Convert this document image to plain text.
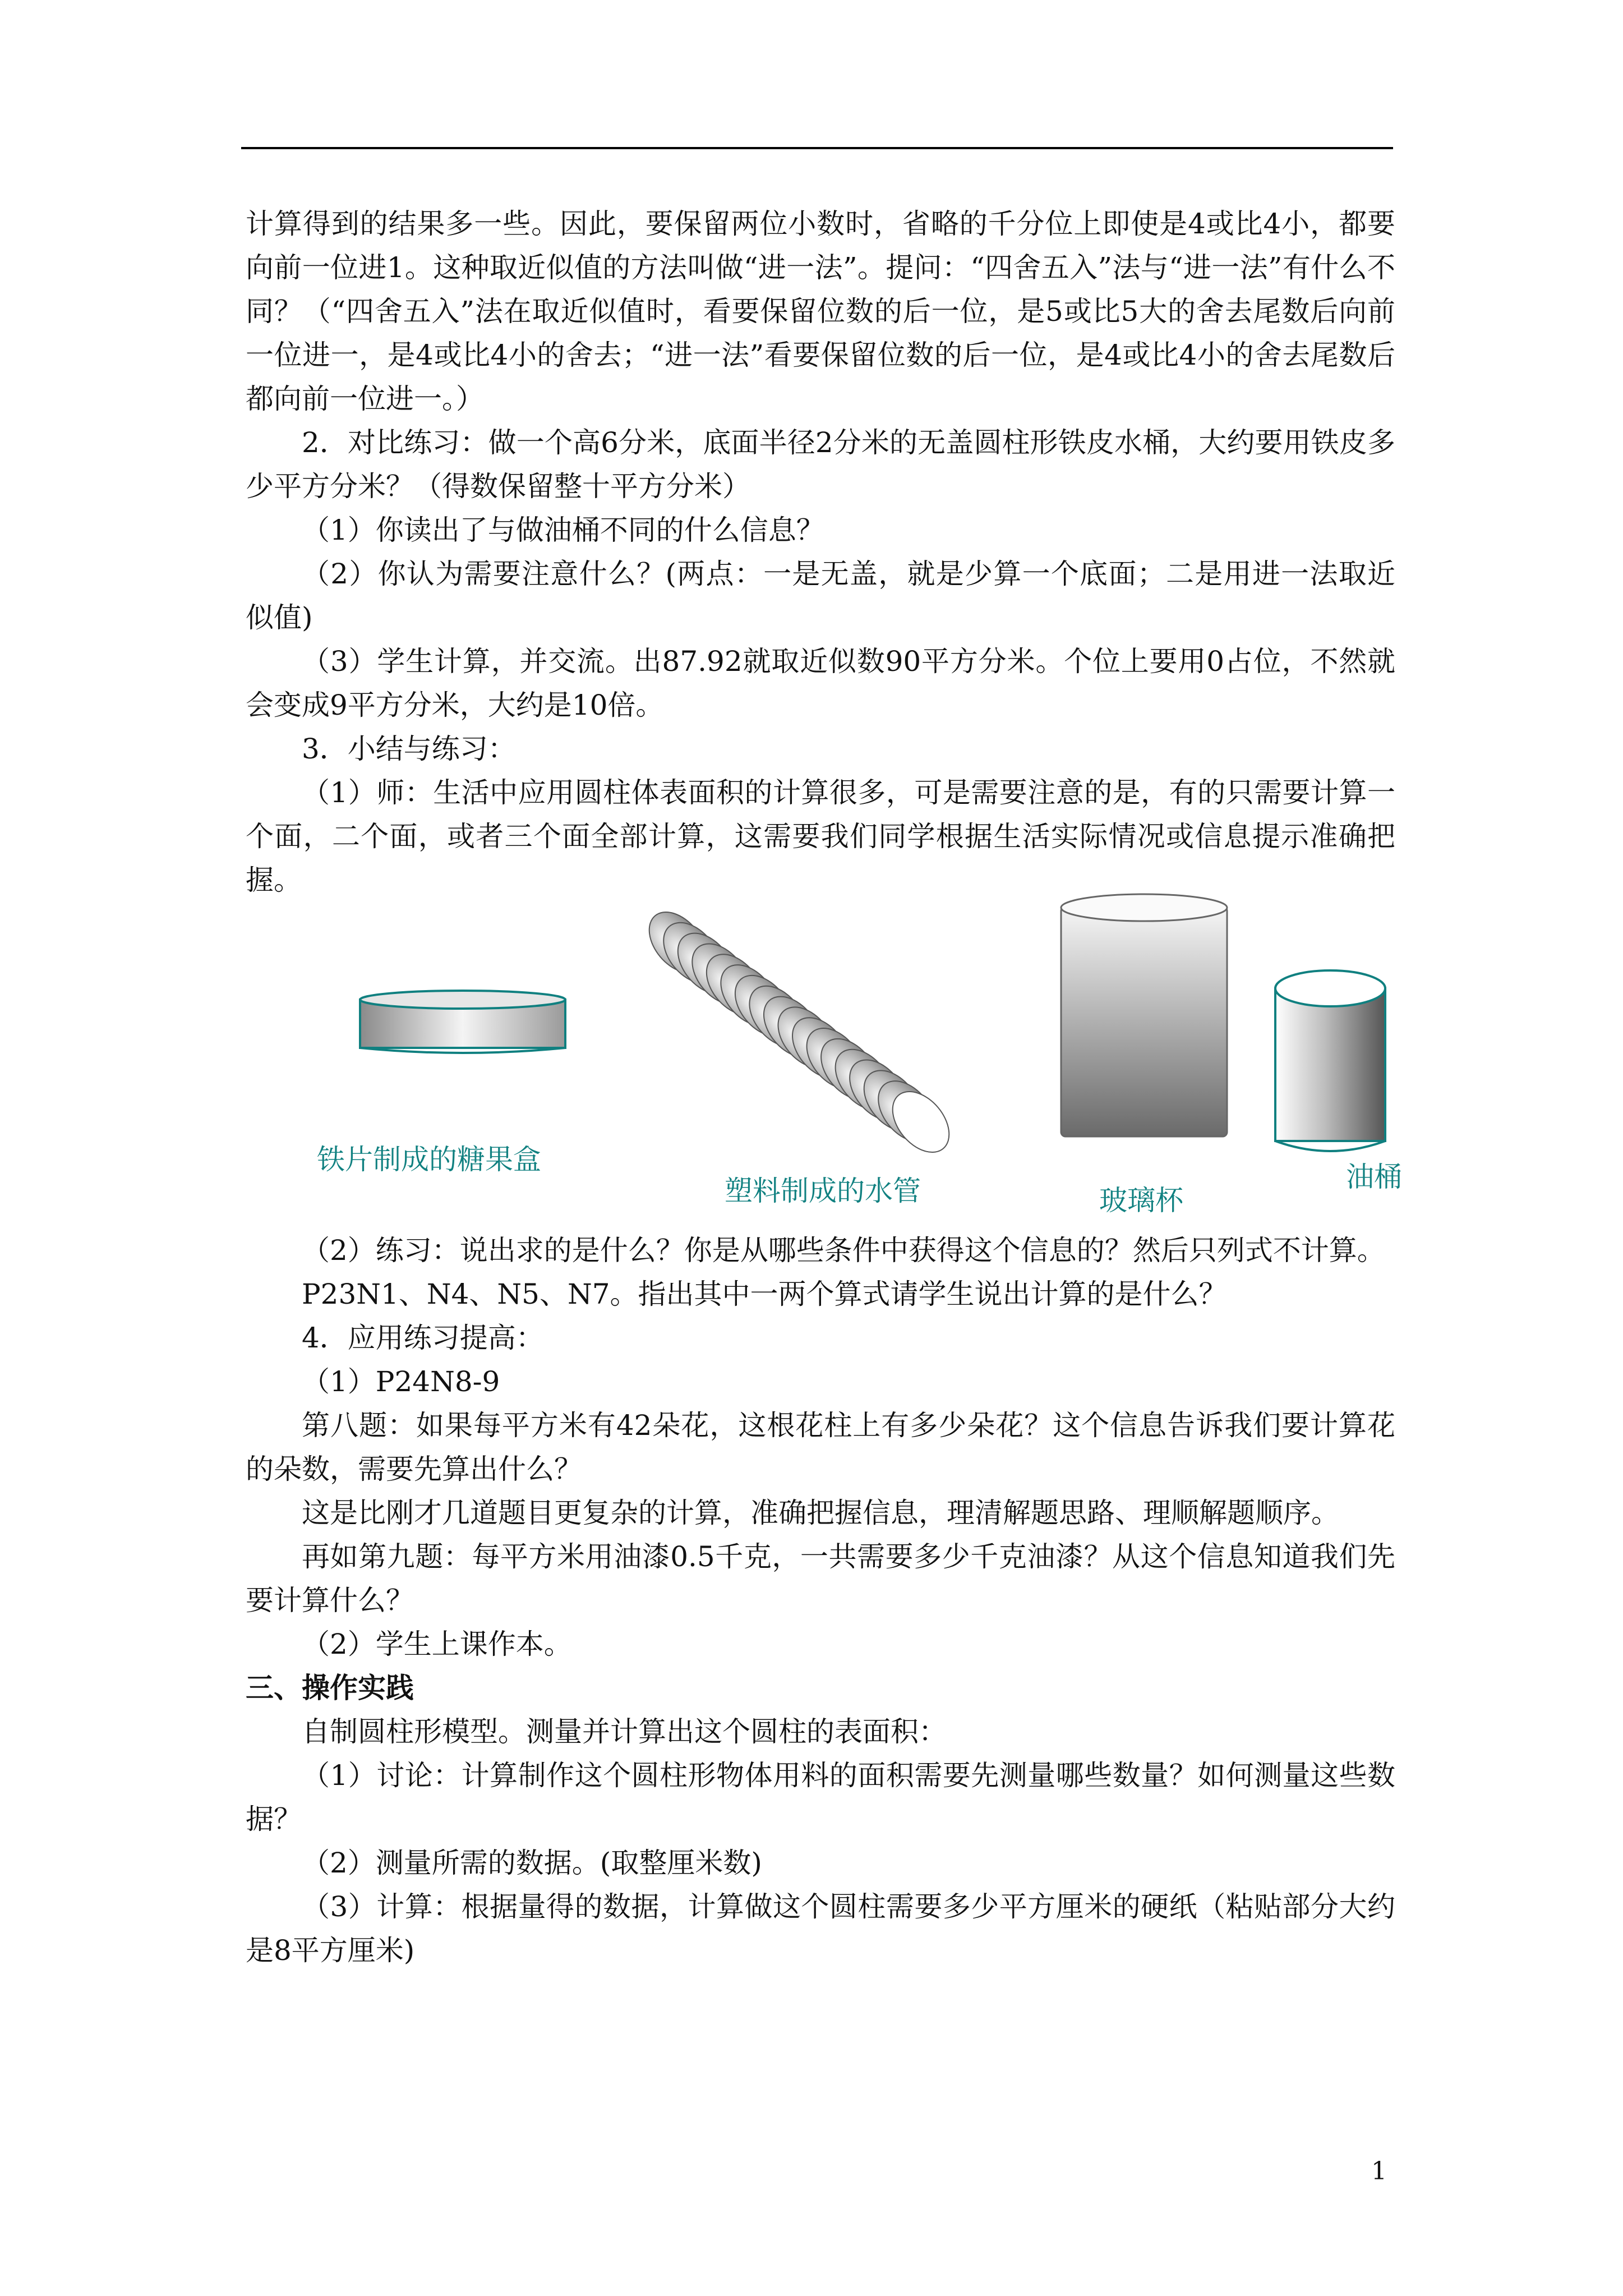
计算得到的结果多一些。因此，要保留两位小数时，省略的千分位上即使是4或比4小，都要向前一位进1。这种取近似值的方法叫做“进一法”。提问：“四舍五入”法与“进一法”有什么不同？（“四舍五入”法在取近似值时，看要保留位数的后一位，是5或比5大的舍去尾数后向前一位进一，是4或比4小的舍去；“进一法”看要保留位数的后一位，是4或比4小的舍去尾数后都向前一位进一。）

2．对比练习：做一个高6分米，底面半径2分米的无盖圆柱形铁皮水桶，大约要用铁皮多少平方分米？（得数保留整十平方分米）

（1）你读出了与做油桶不同的什么信息？

（2）你认为需要注意什么？(两点：一是无盖，就是少算一个底面；二是用进一法取近似值)

（3）学生计算，并交流。出87.92就取近似数90平方分米。个位上要用0占位，不然就会变成9平方分米，大约是10倍。

3．小结与练习：

（1）师：生活中应用圆柱体表面积的计算很多，可是需要注意的是，有的只需要计算一个面，二个面，或者三个面全部计算，这需要我们同学根据生活实际情况或信息提示准确把握。

铁片制成的糖果盒
塑料制成的水管	玻璃杯
油桶

（2）练习：说出求的是什么？你是从哪些条件中获得这个信息的？然后只列式不计算。

P23N1、N4、N5、N7。指出其中一两个算式请学生说出计算的是什么？

4．应用练习提高：

（1）P24N8-9

第八题：如果每平方米有42朵花，这根花柱上有多少朵花？这个信息告诉我们要计算花的朵数，需要先算出什么？

这是比刚才几道题目更复杂的计算，准确把握信息，理清解题思路、理顺解题顺序。

再如第九题：每平方米用油漆0.5千克，一共需要多少千克油漆？从这个信息知道我们先要计算什么？

（2）学生上课作本。

三、操作实践

自制圆柱形模型。测量并计算出这个圆柱的表面积：

（1）讨论：计算制作这个圆柱形物体用料的面积需要先测量哪些数量？如何测量这些数据？

（2）测量所需的数据。(取整厘米数)

（3）计算：根据量得的数据，计算做这个圆柱需要多少平方厘米的硬纸（粘贴部分大约是8平方厘米)

1
